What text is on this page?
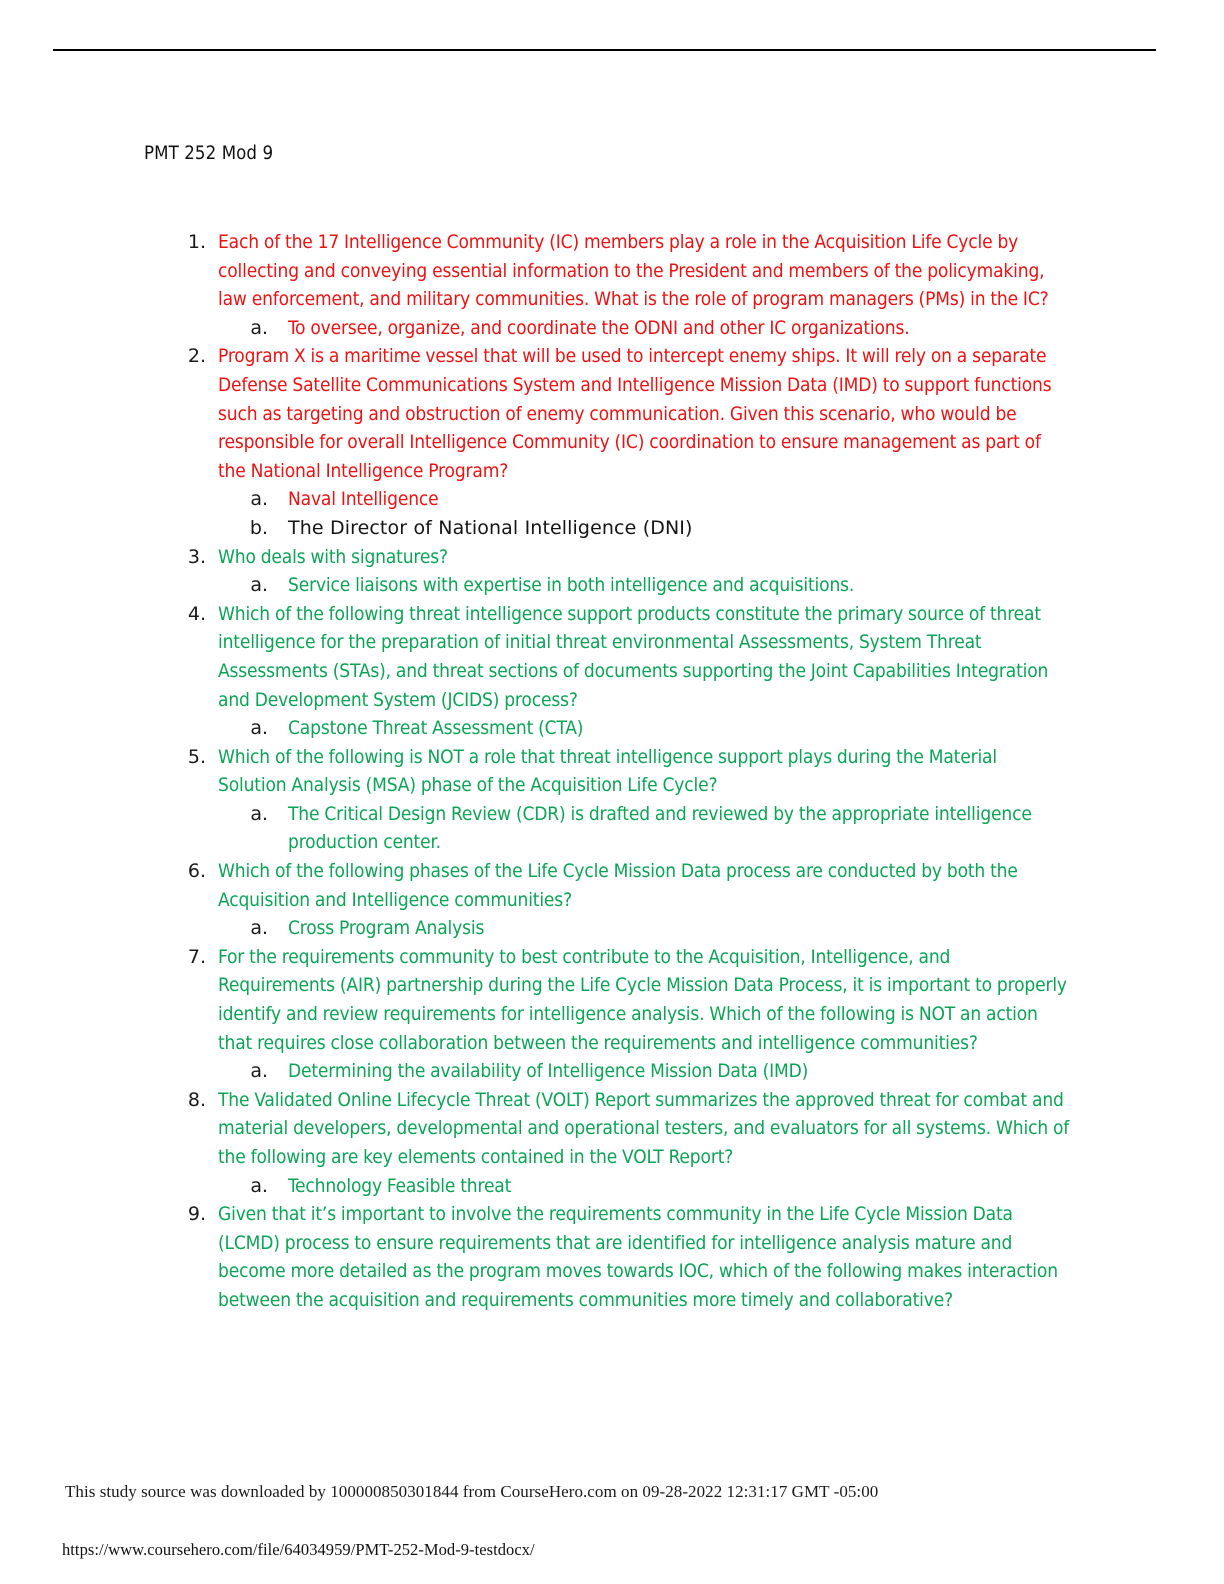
PMT 252 Mod 9
1. Each of the 17 Intelligence Community (IC) members play a role in the Acquisition Life Cycle by collecting and conveying essential information to the President and members of the policymaking, law enforcement, and military communities. What is the role of program managers (PMs) in the IC?
a. To oversee, organize, and coordinate the ODNI and other IC organizations.
2. Program X is a maritime vessel that will be used to intercept enemy ships. It will rely on a separate Defense Satellite Communications System and Intelligence Mission Data (IMD) to support functions such as targeting and obstruction of enemy communication. Given this scenario, who would be responsible for overall Intelligence Community (IC) coordination to ensure management as part of the National Intelligence Program?
a. Naval Intelligence
b. The Director of National Intelligence (DNI)
3. Who deals with signatures?
a. Service liaisons with expertise in both intelligence and acquisitions.
4. Which of the following threat intelligence support products constitute the primary source of threat intelligence for the preparation of initial threat environmental Assessments, System Threat Assessments (STAs), and threat sections of documents supporting the Joint Capabilities Integration and Development System (JCIDS) process?
a. Capstone Threat Assessment (CTA)
5. Which of the following is NOT a role that threat intelligence support plays during the Material Solution Analysis (MSA) phase of the Acquisition Life Cycle?
a. The Critical Design Review (CDR) is drafted and reviewed by the appropriate intelligence production center.
6. Which of the following phases of the Life Cycle Mission Data process are conducted by both the Acquisition and Intelligence communities?
a. Cross Program Analysis
7. For the requirements community to best contribute to the Acquisition, Intelligence, and Requirements (AIR) partnership during the Life Cycle Mission Data Process, it is important to properly identify and review requirements for intelligence analysis. Which of the following is NOT an action that requires close collaboration between the requirements and intelligence communities?
a. Determining the availability of Intelligence Mission Data (IMD)
8. The Validated Online Lifecycle Threat (VOLT) Report summarizes the approved threat for combat and material developers, developmental and operational testers, and evaluators for all systems. Which of the following are key elements contained in the VOLT Report?
a. Technology Feasible threat
9. Given that it’s important to involve the requirements community in the Life Cycle Mission Data (LCMD) process to ensure requirements that are identified for intelligence analysis mature and become more detailed as the program moves towards IOC, which of the following makes interaction between the acquisition and requirements communities more timely and collaborative?
This study source was downloaded by 100000850301844 from CourseHero.com on 09-28-2022 12:31:17 GMT -05:00
https://www.coursehero.com/file/64034959/PMT-252-Mod-9-testdocx/
